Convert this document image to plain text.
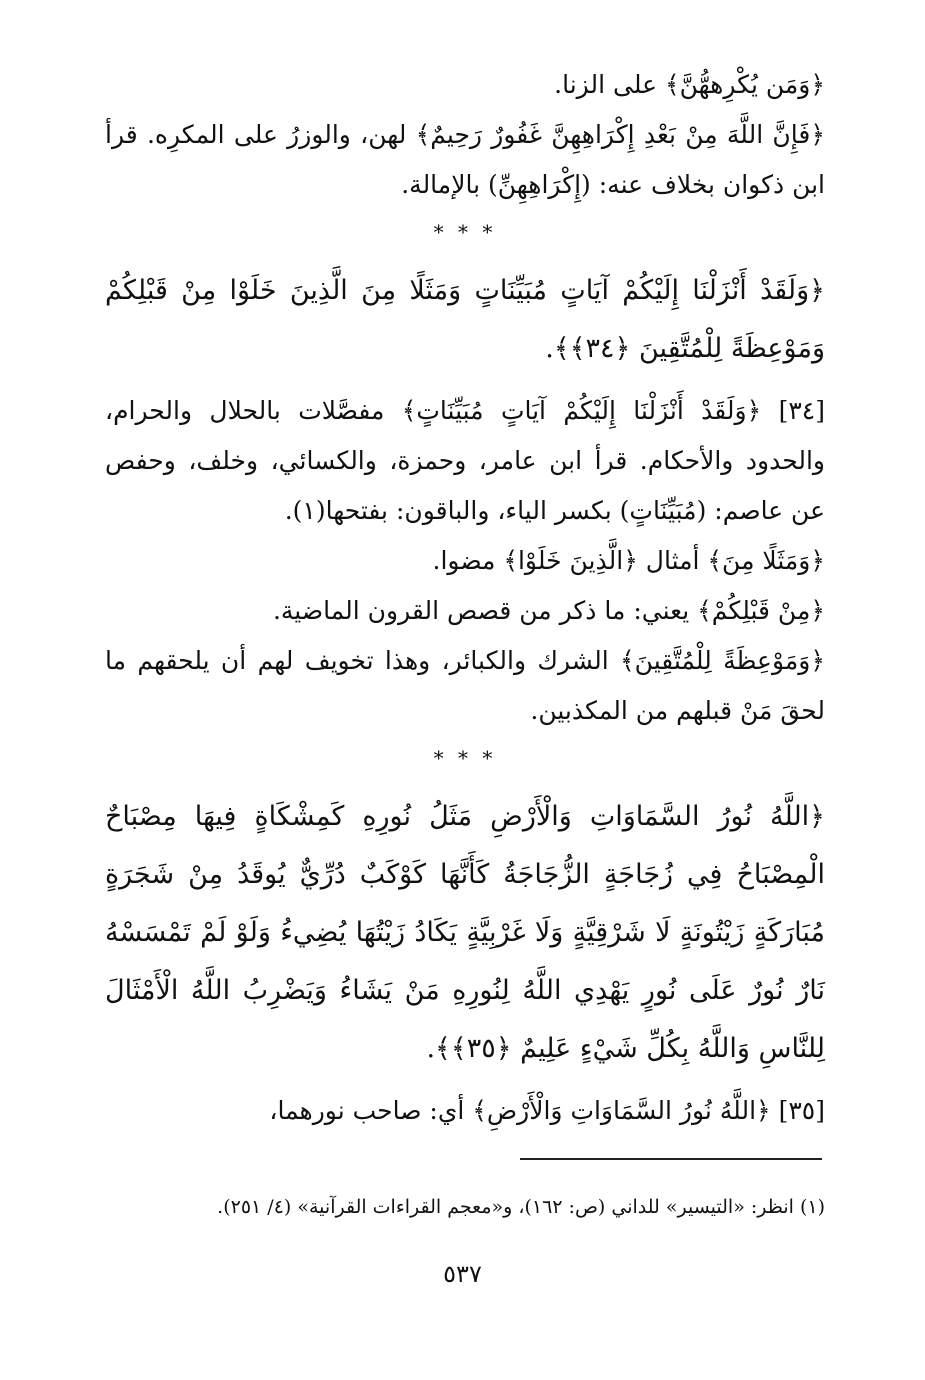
﴿وَمَن يُكْرِههُّنَّ﴾ على الزنا.

﴿فَإِنَّ اللَّهَ مِنْ بَعْدِ إِكْرَاهِهِنَّ غَفُورٌ رَحِيمٌ﴾ لهن، والوزرُ على المكرِه. قرأ ابن ذكوان بخلاف عنه: (إِكْرَاهِهِنِّ) بالإمالة.

* * *

﴿وَلَقَدْ أَنْزَلْنَا إِلَيْكُمْ آيَاتٍ مُبَيِّنَاتٍ وَمَثَلًا مِنَ الَّذِينَ خَلَوْا مِنْ قَبْلِكُمْ وَمَوْعِظَةً لِلْمُتَّقِينَ ﴿٣٤﴾﴾.

[٣٤] ﴿وَلَقَدْ أَنْزَلْنَا إِلَيْكُمْ آيَاتٍ مُبَيِّنَاتٍ﴾ مفصَّلات بالحلال والحرام، والحدود والأحكام. قرأ ابن عامر، وحمزة، والكسائي، وخلف، وحفص عن عاصم: (مُبَيِّنَاتٍ) بكسر الياء، والباقون: بفتحها(١).

﴿وَمَثَلًا مِنَ﴾ أمثال ﴿الَّذِينَ خَلَوْا﴾ مضوا.

﴿مِنْ قَبْلِكُمْ﴾ يعني: ما ذكر من قصص القرون الماضية.

﴿وَمَوْعِظَةً لِلْمُتَّقِينَ﴾ الشرك والكبائر، وهذا تخويف لهم أن يلحقهم ما لحقَ مَنْ قبلهم من المكذبين.

* * *

﴿اللَّهُ نُورُ السَّمَاوَاتِ وَالْأَرْضِ مَثَلُ نُورِهِ كَمِشْكَاةٍ فِيهَا مِصْبَاحٌ الْمِصْبَاحُ فِي زُجَاجَةٍ الزُّجَاجَةُ كَأَنَّهَا كَوْكَبٌ دُرِّيٌّ يُوقَدُ مِنْ شَجَرَةٍ مُبَارَكَةٍ زَيْتُونَةٍ لَا شَرْقِيَّةٍ وَلَا غَرْبِيَّةٍ يَكَادُ زَيْتُهَا يُضِيءُ وَلَوْ لَمْ تَمْسَسْهُ نَارٌ نُورٌ عَلَى نُورٍ يَهْدِي اللَّهُ لِنُورِهِ مَنْ يَشَاءُ وَيَضْرِبُ اللَّهُ الْأَمْثَالَ لِلنَّاسِ وَاللَّهُ بِكُلِّ شَيْءٍ عَلِيمٌ ﴿٣٥﴾﴾.

[٣٥] ﴿اللَّهُ نُورُ السَّمَاوَاتِ وَالْأَرْضِ﴾ أي: صاحب نورهما،

(١) انظر: «التيسير» للداني (ص: ١٦٢)، و«معجم القراءات القرآنية» (٤/ ٢٥١).
٥٣٧
